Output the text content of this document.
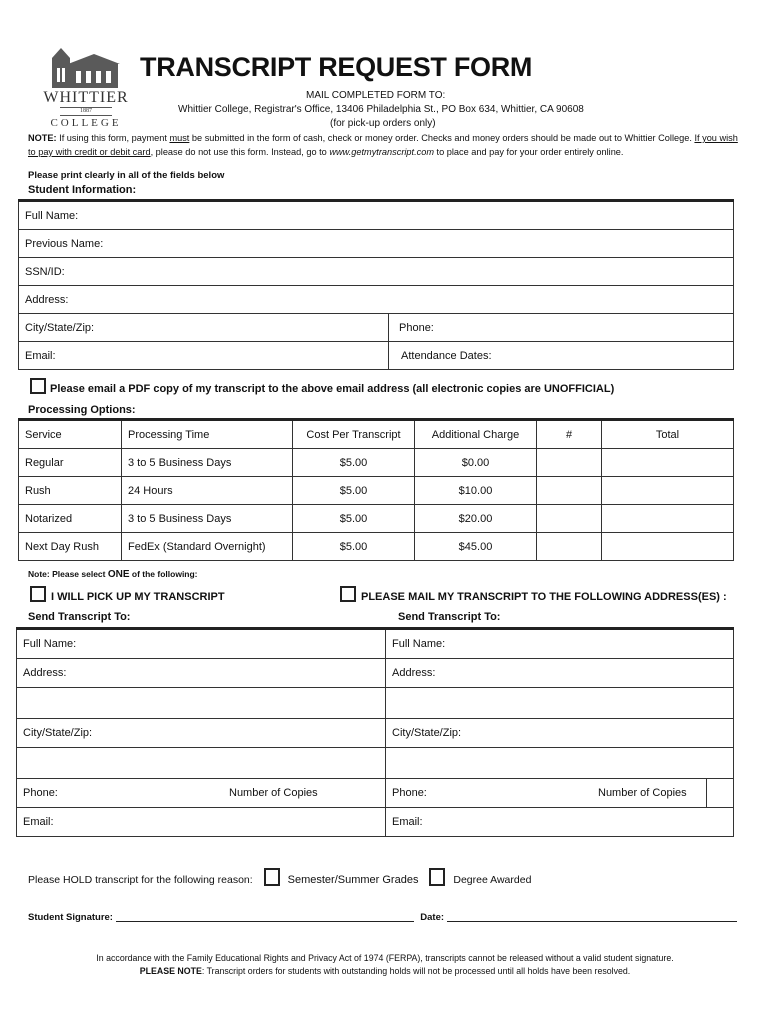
WHITTIER
1887
COLLEGE
TRANSCRIPT REQUEST FORM
MAIL COMPLETED FORM TO:
Whittier College, Registrar's Office, 13406 Philadelphia St., PO Box 634, Whittier, CA 90608
(for pick-up orders only)
NOTE: If using this form, payment must be submitted in the form of cash, check or money order. Checks and money orders should be made out to Whittier College. If you wish to pay with credit or debit card, please do not use this form. Instead, go to www.getmytranscript.com to place and pay for your order entirely online.
Please print clearly in all of the fields below
Student Information:
Full Name:	
Previous Name:	
SSN/ID:	
Address:	
City/State/Zip:	Phone:
Email:	Attendance Dates:
Please email a PDF copy of my transcript to the above email address (all electronic copies are UNOFFICIAL)
Processing Options:
Service	Processing Time	Cost Per Transcript	Additional Charge	#	Total
Regular	3 to 5 Business Days	$5.00	$0.00		
Rush	24 Hours	$5.00	$10.00		
Notarized	3 to 5 Business Days	$5.00	$20.00		
Next Day Rush	FedEx (Standard Overnight)	$5.00	$45.00		
Note: Please select ONE of the following:
I WILL PICK UP MY TRANSCRIPT	PLEASE MAIL MY TRANSCRIPT TO THE FOLLOWING ADDRESS(ES) :
Send Transcript To:	Send Transcript To:
Full Name:		Full Name:		
Address:		Address:		

City/State/Zip:		City/State/Zip:		

Phone:	Number of Copies	Phone:	Number of Copies	
Email:		Email:		
Please HOLD transcript for the following reason:	Semester/Summer Grades	Degree Awarded
Student Signature:	Date:
In accordance with the Family Educational Rights and Privacy Act of 1974 (FERPA), transcripts cannot be released without a valid student signature.
PLEASE NOTE: Transcript orders for students with outstanding holds will not be processed until all holds have been resolved.
